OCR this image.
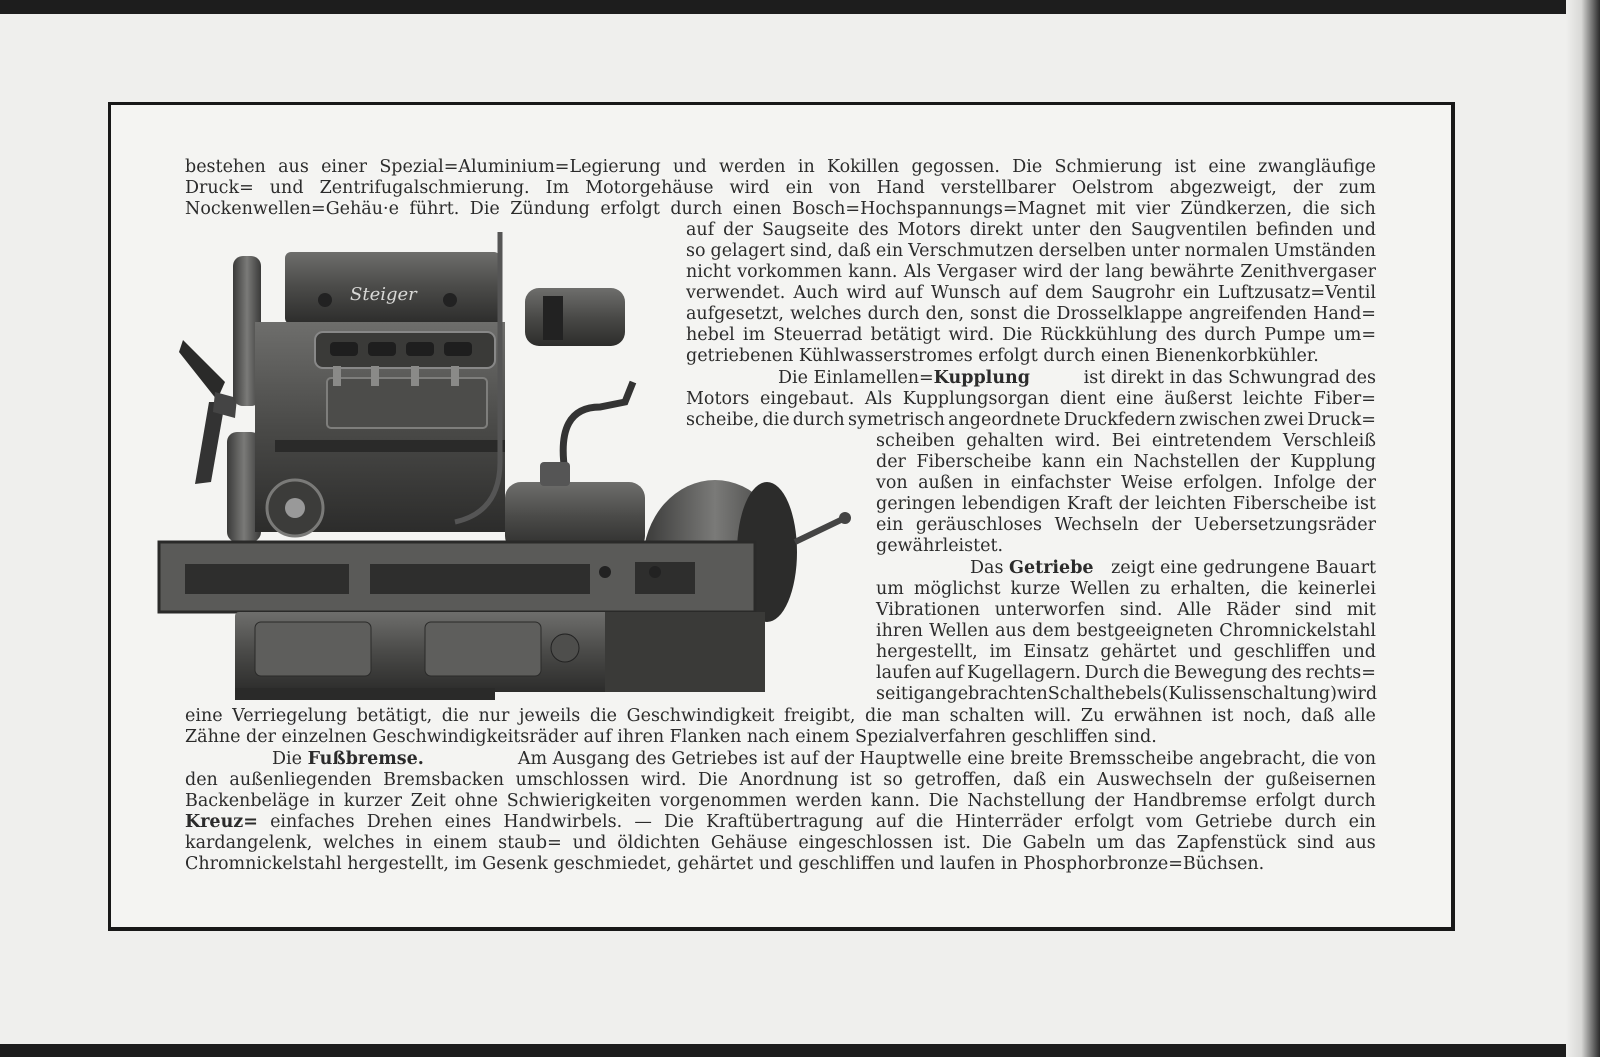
bestehen aus einer Spezial=Aluminium=Legierung und werden in Kokillen gegossen. Die Schmierung ist eine zwangläufige
Druck= und Zentrifugalschmierung. Im Motorgehäuse wird ein von Hand verstellbarer Oelstrom abgezweigt, der zum
Nockenwellen=Gehäu·e führt. Die Zündung erfolgt durch einen Bosch=Hochspannungs=Magnet mit vier Zündkerzen, die sich
auf der Saugseite des Motors direkt unter den Saugventilen befinden und
so gelagert sind, daß ein Verschmutzen derselben unter normalen Umständen
nicht vorkommen kann. Als Vergaser wird der lang bewährte Zenithvergaser
verwendet. Auch wird auf Wunsch auf dem Saugrohr ein Luftzusatz=Ventil
aufgesetzt, welches durch den, sonst die Drosselklappe angreifenden Hand=
hebel im Steuerrad betätigt wird. Die Rückkühlung des durch Pumpe um=
getriebenen Kühlwasserstromes erfolgt durch einen Bienenkorbkühler.
Die Einlamellen=Kupplung	ist direkt in das Schwungrad des
Motors eingebaut. Als Kupplungsorgan dient eine äußerst leichte Fiber=
scheibe, die durch symetrisch angeordnete Druckfedern zwischen zwei Druck=
scheiben gehalten wird. Bei eintretendem Verschleiß
der Fiberscheibe kann ein Nachstellen der Kupplung
von außen in einfachster Weise erfolgen. Infolge der
geringen lebendigen Kraft der leichten Fiberscheibe ist
ein geräuschloses Wechseln der Uebersetzungsräder
gewährleistet.
Das Getriebe zeigt eine gedrungene Bauart
um möglichst kurze Wellen zu erhalten, die keinerlei
Vibrationen unterworfen sind. Alle Räder sind mit
ihren Wellen aus dem bestgeeigneten Chromnickelstahl
hergestellt, im Einsatz gehärtet und geschliffen und
laufen auf Kugellagern. Durch die Bewegung des rechts=
seitig angebrachten Schalthebels (Kulissenschaltung) wird
eine Verriegelung betätigt, die nur jeweils die Geschwindigkeit freigibt, die man schalten will. Zu erwähnen ist noch, daß alle
Zähne der einzelnen Geschwindigkeitsräder auf ihren Flanken nach einem Spezialverfahren geschliffen sind.
Die Fußbremse.	Am Ausgang des Getriebes ist auf der Hauptwelle eine breite Bremsscheibe angebracht, die von
den außenliegenden Bremsbacken umschlossen wird. Die Anordnung ist so getroffen, daß ein Auswechseln der gußeisernen
Backenbeläge in kurzer Zeit ohne Schwierigkeiten vorgenommen werden kann. Die Nachstellung der Handbremse erfolgt durch
Kreuz= einfaches Drehen eines Handwirbels. — Die Kraftübertragung auf die Hinterräder erfolgt vom Getriebe durch ein
kardangelenk, welches in einem staub= und öldichten Gehäuse eingeschlossen ist. Die Gabeln um das Zapfenstück sind aus
Chromnickelstahl hergestellt, im Gesenk geschmiedet, gehärtet und geschliffen und laufen in Phosphorbronze=Büchsen.
Steiger
